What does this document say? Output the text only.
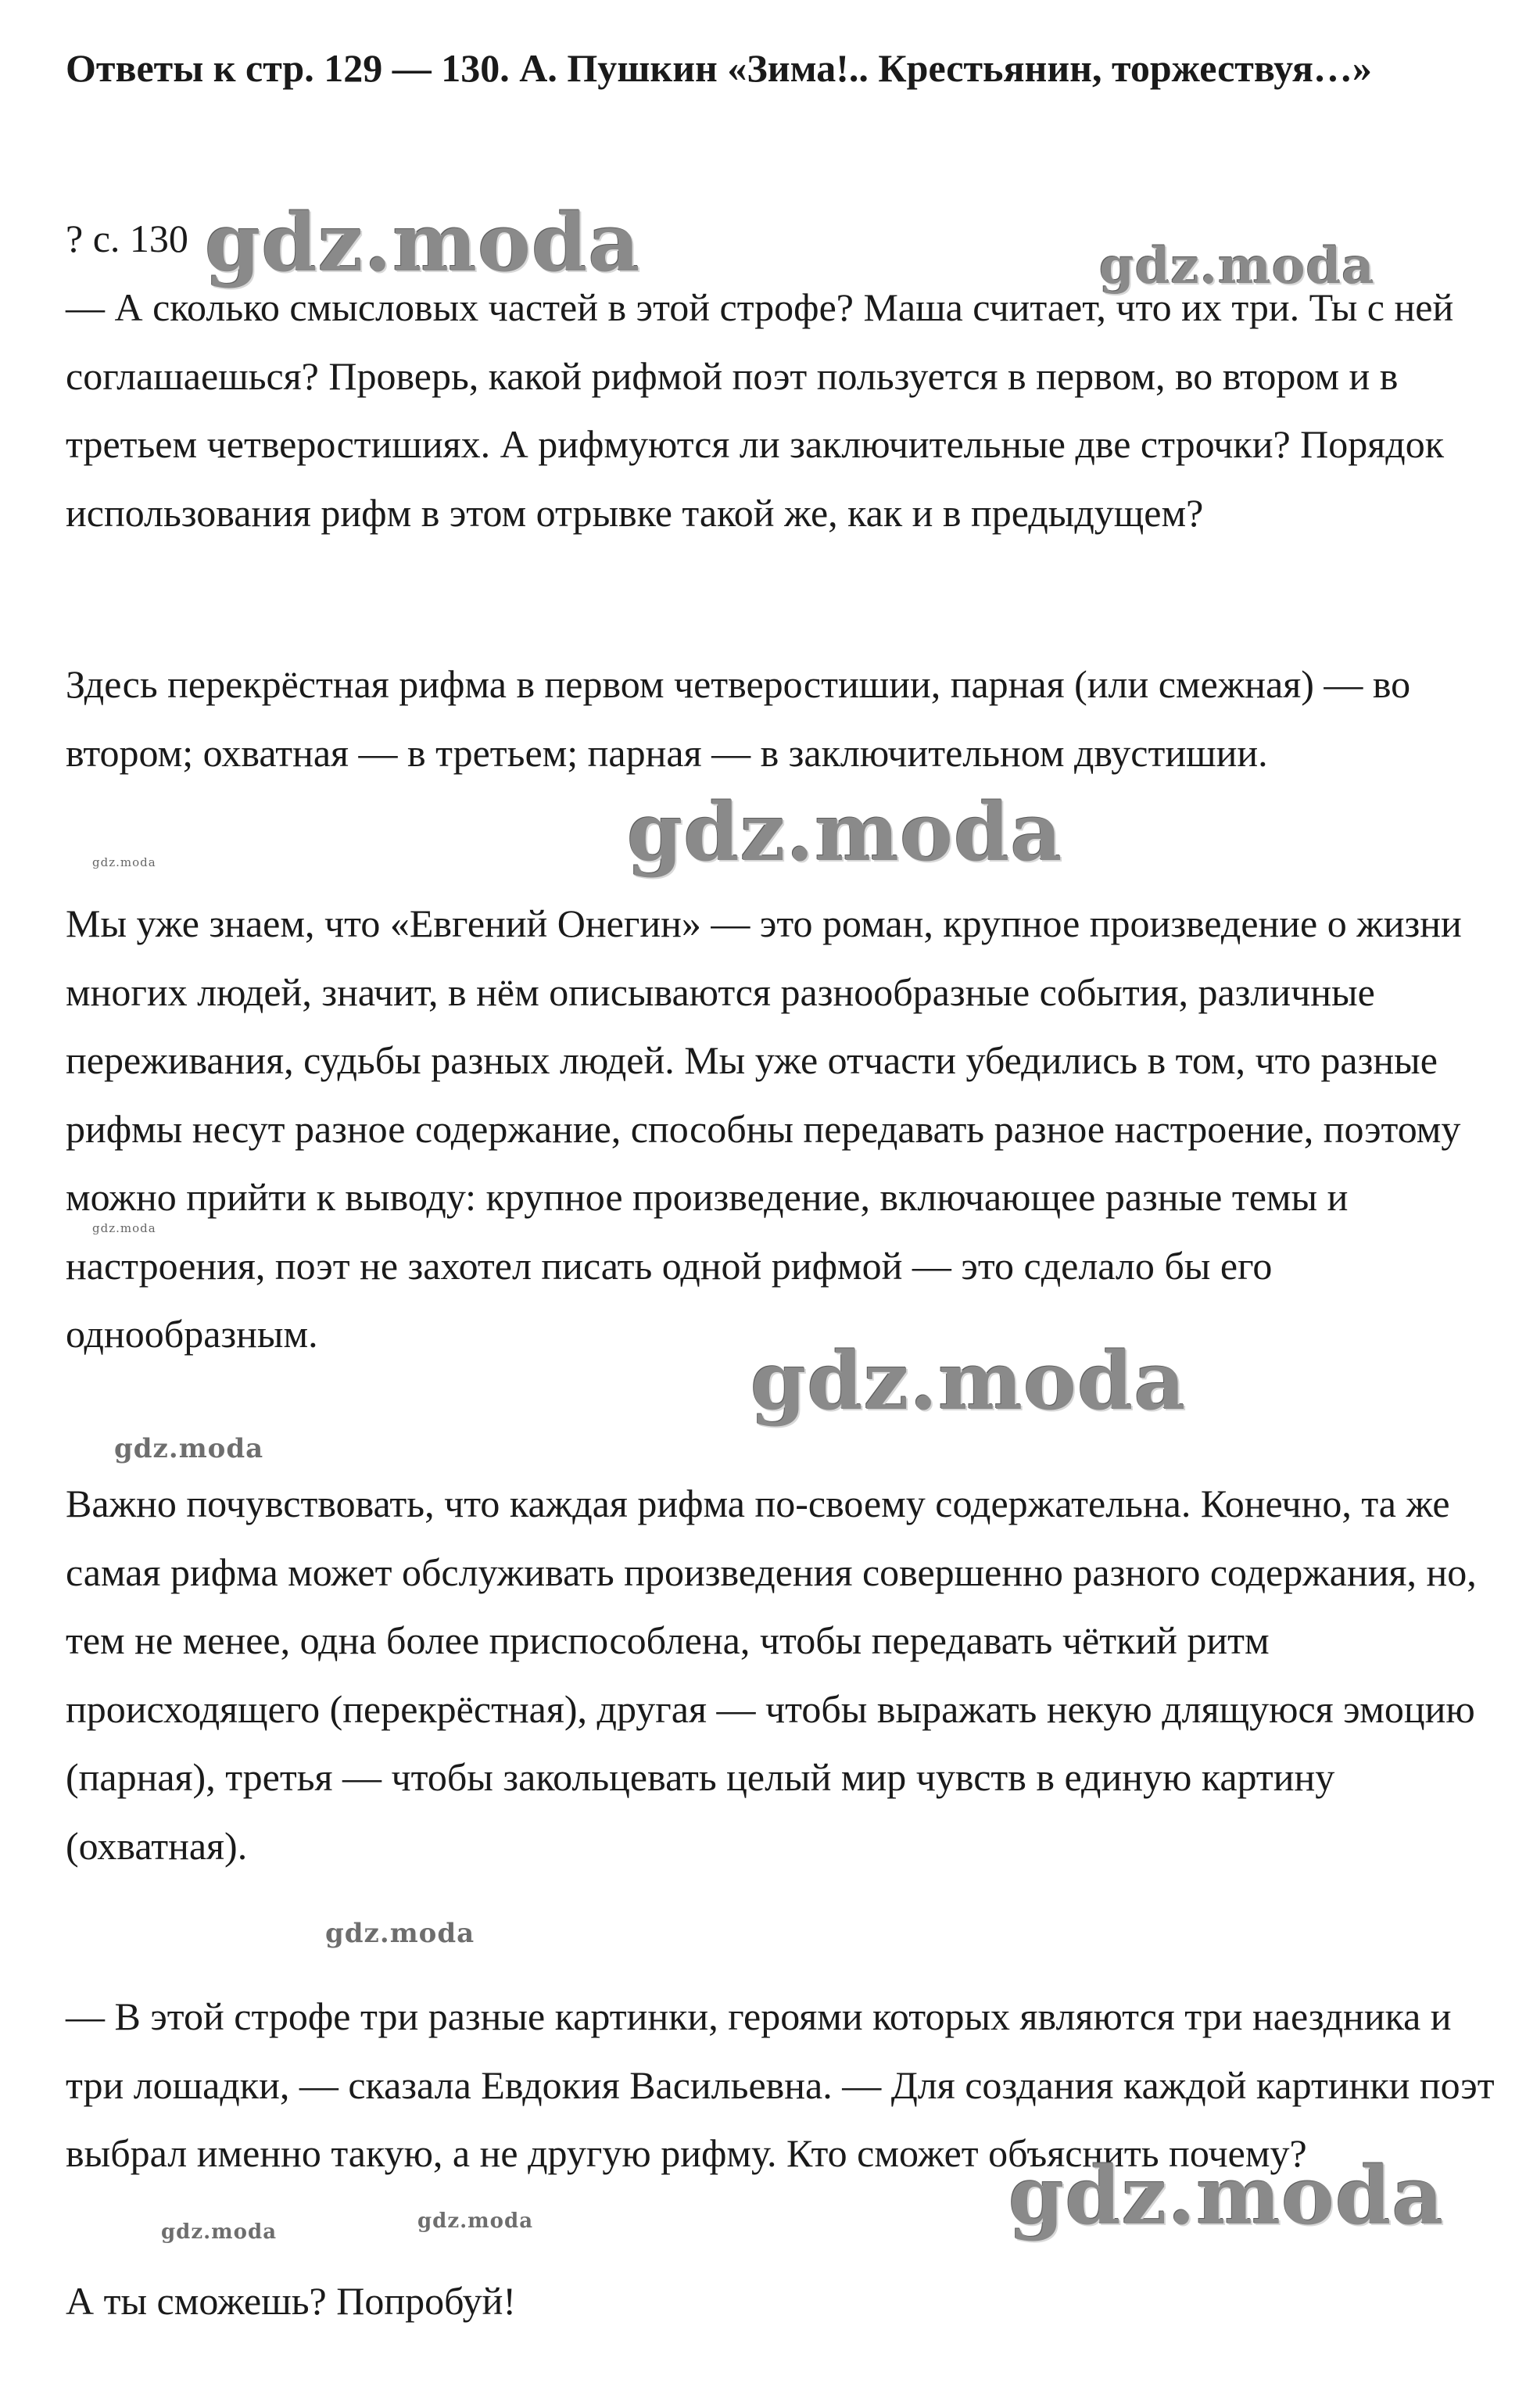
Ответы к стр. 129 — 130. А. Пушкин «Зима!.. Крестьянин, торжествуя…»
? с. 130

— А сколько смысловых частей в этой строфе? Маша считает, что их три. Ты с ней соглашаешься? Проверь, какой рифмой поэт пользуется в первом, во втором и в третьем четверостишиях. А рифмуются ли заключительные две строчки? Порядок использования рифм в этом отрывке такой же, как и в предыдущем?

Здесь перекрёстная рифма в первом четверостишии, парная (или смежная) — во втором; охватная — в третьем; парная — в заключительном двустишии.

Мы уже знаем, что «Евгений Онегин» — это роман, крупное произведение о жизни многих людей, значит, в нём описываются разнообразные события, различные переживания, судьбы разных людей. Мы уже отчасти убедились в том, что разные рифмы несут разное содержание, способны передавать разное настроение, поэтому можно прийти к выводу: крупное произведение, включающее разные темы и настроения, поэт не захотел писать одной рифмой — это сделало бы его однообразным.

Важно почувствовать, что каждая рифма по-своему содержательна. Конечно, та же самая рифма может обслуживать произведения совершенно разного содержания, но, тем не менее, одна более приспособлена, чтобы передавать чёткий ритм происходящего (перекрёстная), другая — чтобы выражать некую длящуюся эмоцию (парная), третья — чтобы закольцевать целый мир чувств в единую картину (охватная).

— В этой строфе три разные картинки, героями которых являются три наездника и три лошадки, — сказала Евдокия Васильевна. — Для создания каждой картинки поэт выбрал именно такую, а не другую рифму. Кто сможет объяснить почему?

А ты сможешь? Попробуй!

gdz.moda	gdz.moda
gdz.moda
gdz.moda
gdz.moda
gdz.moda
gdz.moda
gdz.moda
gdz.moda
gdz.moda	gdz.moda
